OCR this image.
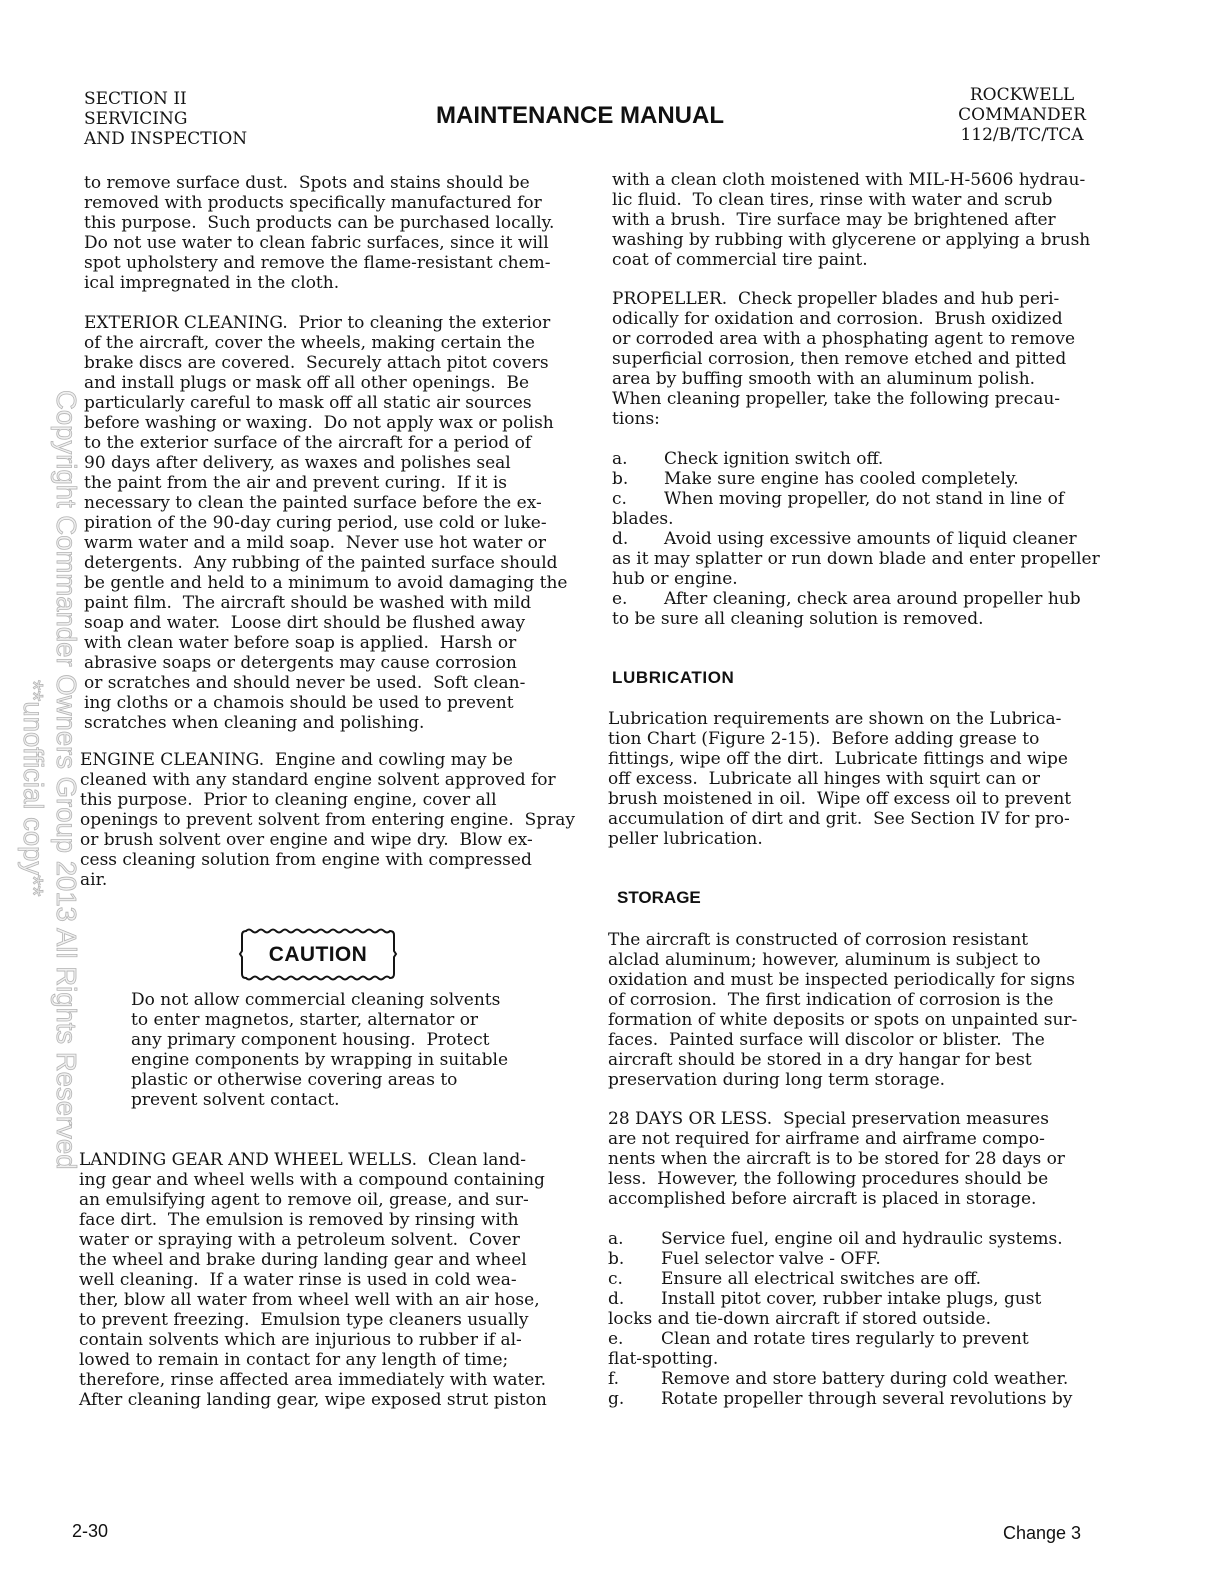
Copyright Commander Owners Group 2013 All Rights Reserved
**unofficial copy**
SECTION II
SERVICING
AND INSPECTION
MAINTENANCE MANUAL
ROCKWELL
COMMANDER
112/B/TC/TCA
to remove surface dust.  Spots and stains should be
removed with products specifically manufactured for
this purpose.  Such products can be purchased locally.
Do not use water to clean fabric surfaces, since it will
spot upholstery and remove the flame-resistant chem-
ical impregnated in the cloth.
EXTERIOR CLEANING.  Prior to cleaning the exterior
of the aircraft, cover the wheels, making certain the
brake discs are covered.  Securely attach pitot covers
and install plugs or mask off all other openings.  Be
particularly careful to mask off all static air sources
before washing or waxing.  Do not apply wax or polish
to the exterior surface of the aircraft for a period of
90 days after delivery, as waxes and polishes seal
the paint from the air and prevent curing.  If it is
necessary to clean the painted surface before the ex-
piration of the 90-day curing period, use cold or luke-
warm water and a mild soap.  Never use hot water or
detergents.  Any rubbing of the painted surface should
be gentle and held to a minimum to avoid damaging the
paint film.  The aircraft should be washed with mild
soap and water.  Loose dirt should be flushed away
with clean water before soap is applied.  Harsh or
abrasive soaps or detergents may cause corrosion
or scratches and should never be used.  Soft clean-
ing cloths or a chamois should be used to prevent
scratches when cleaning and polishing.
ENGINE CLEANING.  Engine and cowling may be
cleaned with any standard engine solvent approved for
this purpose.  Prior to cleaning engine, cover all
openings to prevent solvent from entering engine.  Spray
or brush solvent over engine and wipe dry.  Blow ex-
cess cleaning solution from engine with compressed
air.
CAUTION
Do not allow commercial cleaning solvents
to enter magnetos, starter, alternator or
any primary component housing.  Protect
engine components by wrapping in suitable
plastic or otherwise covering areas to
prevent solvent contact.
LANDING GEAR AND WHEEL WELLS.  Clean land-
ing gear and wheel wells with a compound containing
an emulsifying agent to remove oil, grease, and sur-
face dirt.  The emulsion is removed by rinsing with
water or spraying with a petroleum solvent.  Cover
the wheel and brake during landing gear and wheel
well cleaning.  If a water rinse is used in cold wea-
ther, blow all water from wheel well with an air hose,
to prevent freezing.  Emulsion type cleaners usually
contain solvents which are injurious to rubber if al-
lowed to remain in contact for any length of time;
therefore, rinse affected area immediately with water.
After cleaning landing gear, wipe exposed strut piston
with a clean cloth moistened with MIL-H-5606 hydrau-
lic fluid.  To clean tires, rinse with water and scrub
with a brush.  Tire surface may be brightened after
washing by rubbing with glycerene or applying a brush
coat of commercial tire paint.
PROPELLER.  Check propeller blades and hub peri-
odically for oxidation and corrosion.  Brush oxidized
or corroded area with a phosphating agent to remove
superficial corrosion, then remove etched and pitted
area by buffing smooth with an aluminum polish.
When cleaning propeller, take the following precau-
tions:
a.	Check ignition switch off.
b.	Make sure engine has cooled completely.
c.	When moving propeller, do not stand in line of
blades.
d.	Avoid using excessive amounts of liquid cleaner
as it may splatter or run down blade and enter propeller
hub or engine.
e.	After cleaning, check area around propeller hub
to be sure all cleaning solution is removed.
LUBRICATION
Lubrication requirements are shown on the Lubrica-
tion Chart (Figure 2-15).  Before adding grease to
fittings, wipe off the dirt.  Lubricate fittings and wipe
off excess.  Lubricate all hinges with squirt can or
brush moistened in oil.  Wipe off excess oil to prevent
accumulation of dirt and grit.  See Section IV for pro-
peller lubrication.
STORAGE
The aircraft is constructed of corrosion resistant
alclad aluminum; however, aluminum is subject to
oxidation and must be inspected periodically for signs
of corrosion.  The first indication of corrosion is the
formation of white deposits or spots on unpainted sur-
faces.  Painted surface will discolor or blister.  The
aircraft should be stored in a dry hangar for best
preservation during long term storage.
28 DAYS OR LESS.  Special preservation measures
are not required for airframe and airframe compo-
nents when the aircraft is to be stored for 28 days or
less.  However, the following procedures should be
accomplished before aircraft is placed in storage.
a.	Service fuel, engine oil and hydraulic systems.
b.	Fuel selector valve - OFF.
c.	Ensure all electrical switches are off.
d.	Install pitot cover, rubber intake plugs, gust
locks and tie-down aircraft if stored outside.
e.	Clean and rotate tires regularly to prevent
flat-spotting.
f.	Remove and store battery during cold weather.
g.	Rotate propeller through several revolutions by
2-30	Change 3
